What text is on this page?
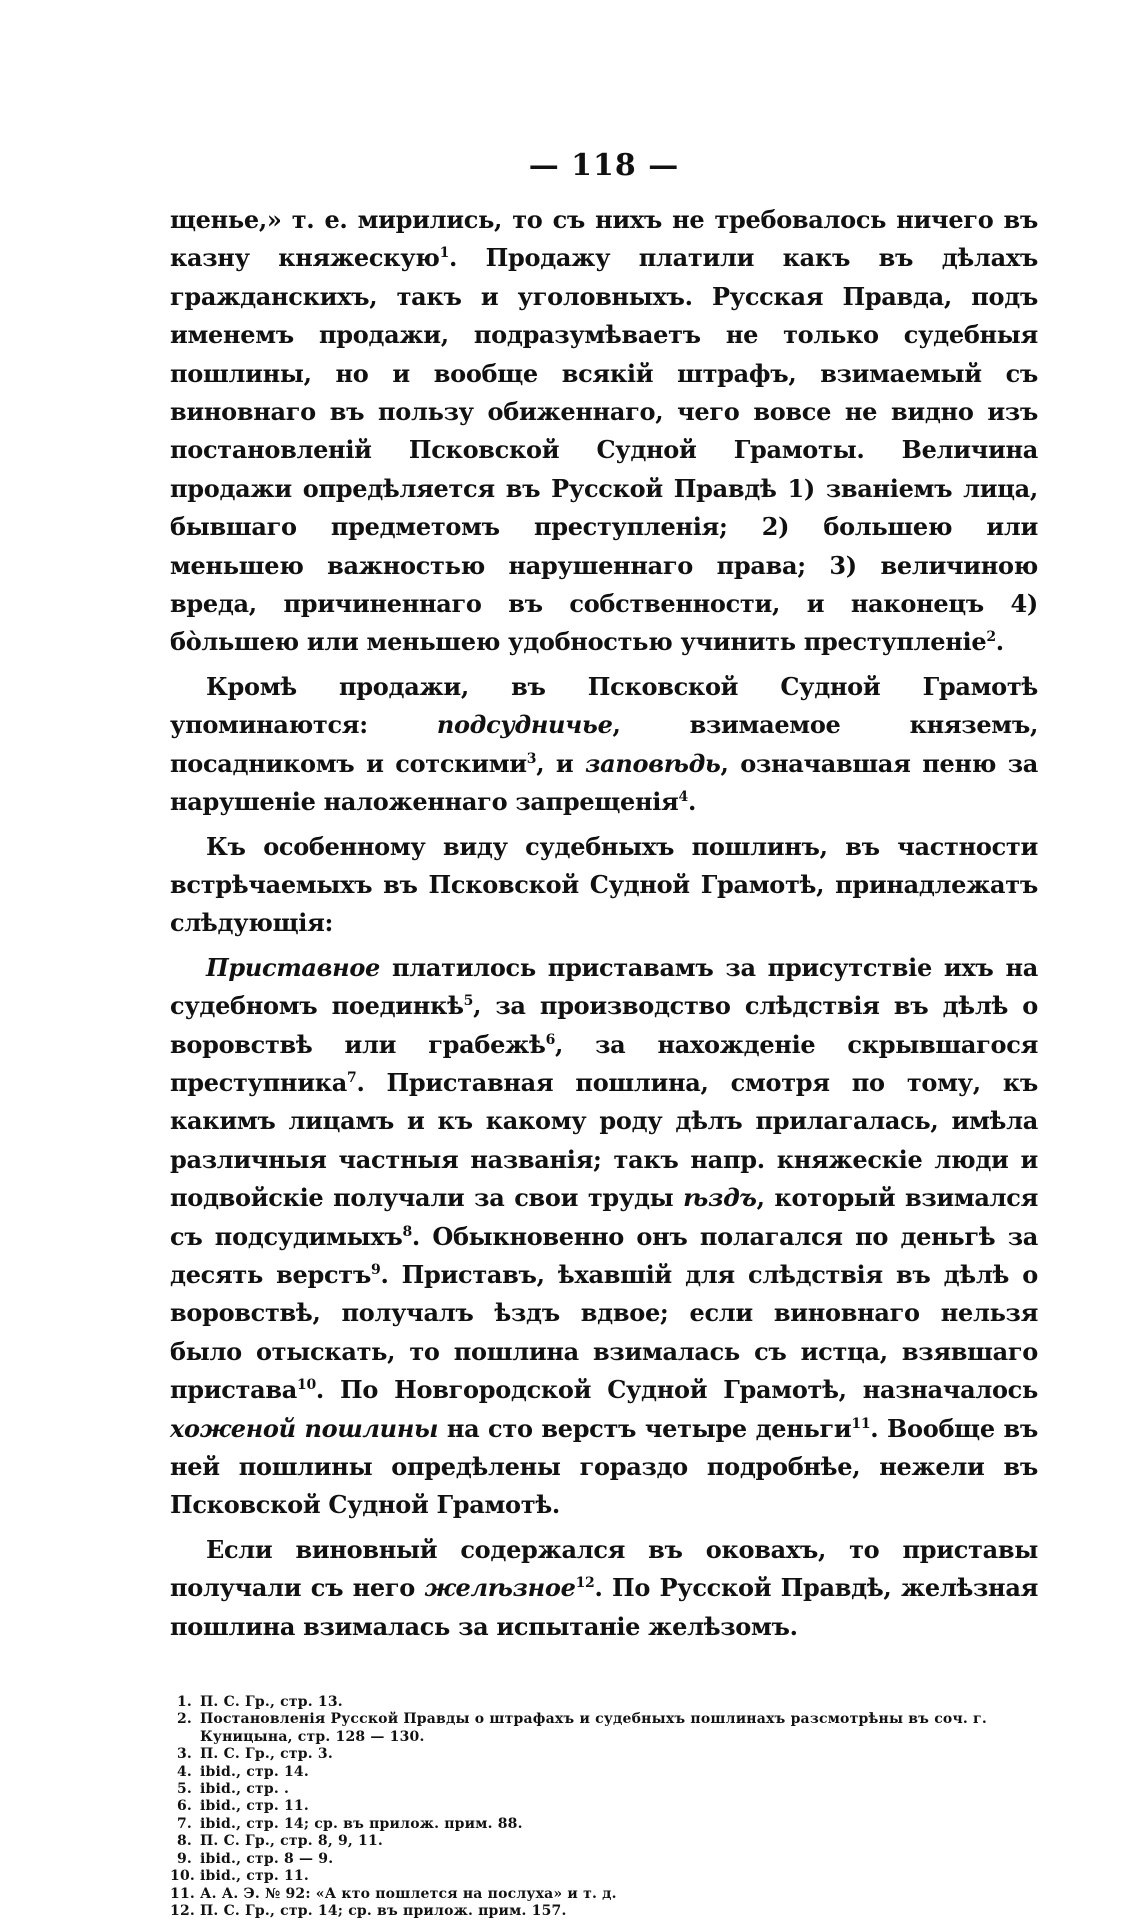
— 118 —

щенье,» т. е. мирились, то съ нихъ не требовалось ничего въ казну княжескую$^1$. Продажу платили какъ въ дѣлахъ гражданскихъ, такъ и уголовныхъ. Русская Правда, подъ именемъ продажи, подразумѣваетъ не только судебныя пошлины, но и вообще всякій штрафъ, взимаемый съ виновнаго въ пользу обиженнаго, чего вовсе не видно изъ постановленій Псковской Судной Грамоты. Величина продажи опредѣляется въ Русской Правдѣ 1) званіемъ лица, бывшаго предметомъ преступленія; 2) большею или меньшею важностью нарушеннаго права; 3) величиною вреда, причиненнаго въ собственности, и наконецъ 4) бо̀льшею или меньшею удобностью учинить преступленіе$^2$.

Кромѣ продажи, въ Псковской Судной Грамотѣ упоминаются: подсудничье, взимаемое княземъ, посадникомъ и сотскими$^3$, и заповѣдь, означавшая пеню за нарушеніе наложеннаго запрещенія$^4$.

Къ особенному виду судебныхъ пошлинъ, въ частности встрѣчаемыхъ въ Псковской Судной Грамотѣ, принадлежатъ слѣдующія:

Приставное платилось приставамъ за присутствіе ихъ на судебномъ поединкѣ$^5$, за производство слѣдствія въ дѣлѣ о воровствѣ или грабежѣ$^6$, за нахожденіе скрывшагося преступника$^7$. Приставная пошлина, смотря по тому, къ какимъ лицамъ и къ какому роду дѣлъ прилагалась, имѣла различныя частныя названія; такъ напр. княжескіе люди и подвойскіе получали за свои труды ѣздъ, который взимался съ подсудимыхъ$^8$. Обыкновенно онъ полагался по деньгѣ за десять верстъ$^9$. Приставъ, ѣхавшій для слѣдствія въ дѣлѣ о воровствѣ, получалъ ѣздъ вдвое; если виновнаго нельзя было отыскать, то пошлина взималась съ истца, взявшаго пристава$^{10}$. По Новгородской Судной Грамотѣ, назначалось хоженой пошлины на сто верстъ четыре деньги$^{11}$. Вообще въ ней пошлины опредѣлены гораздо подробнѣе, нежели въ Псковской Судной Грамотѣ.

Если виновный содержался въ оковахъ, то приставы получали съ него желѣзное$^{12}$. По Русской Правдѣ, желѣзная пошлина взималась за испытаніе желѣзомъ.

1. П. С. Гр., стр. 13.
2. Постановленія Русской Правды о штрафахъ и судебныхъ пошлинахъ разсмотрѣны въ соч. г. Куницына, стр. 128 — 130.
3. П. С. Гр., стр. 3.
4. ibid., стр. 14.
5. ibid., стр. .
6. ibid., стр. 11.
7. ibid., стр. 14; ср. въ прилож. прим. 88.
8. П. С. Гр., стр. 8, 9, 11.
9. ibid., стр. 8 — 9.
10. ibid., стр. 11.
11. А. А. Э. № 92: «А кто пошлется на послуха» и т. д.
12. П. С. Гр., стр. 14; ср. въ прилож. прим. 157.
